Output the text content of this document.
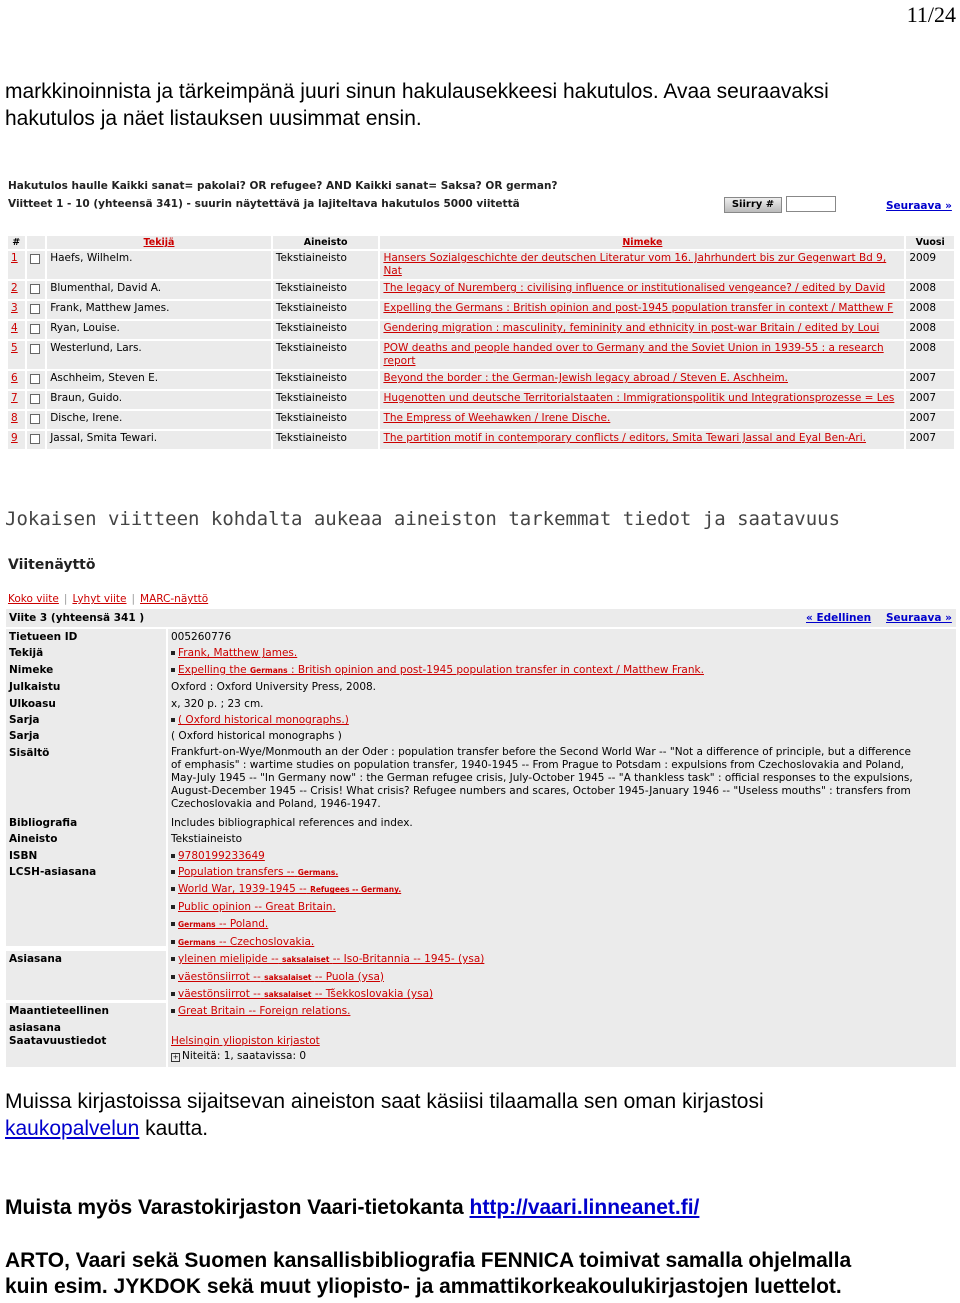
11/24
markkinoinnista ja tärkeimpänä juuri sinun hakulausekkeesi hakutulos. Avaa seuraavaksi
hakutulos ja näet listauksen uusimmat ensin.
Hakutulos haulle Kaikki sanat= pakolai? OR refugee? AND Kaikki sanat= Saksa? OR german?
Viitteet 1 - 10 (yhteensä 341) - suurin näytettävä ja lajiteltava hakutulos 5000 viitettä	Siirry #	Seuraava »
#		Tekijä	Aineisto	Nimeke	Vuosi
1		Haefs, Wilhelm.	Tekstiaineisto	Hansers Sozialgeschichte der deutschen Literatur vom 16. Jahrhundert bis zur Gegenwart Bd 9, Nat	2009
2		Blumenthal, David A.	Tekstiaineisto	The legacy of Nuremberg : civilising influence or institutionalised vengeance? / edited by David	2008
3		Frank, Matthew James.	Tekstiaineisto	Expelling the Germans : British opinion and post-1945 population transfer in context / Matthew F	2008
4		Ryan, Louise.	Tekstiaineisto	Gendering migration : masculinity, femininity and ethnicity in post-war Britain / edited by Loui	2008
5		Westerlund, Lars.	Tekstiaineisto	POW deaths and people handed over to Germany and the Soviet Union in 1939-55 : a research report	2008
6		Aschheim, Steven E.	Tekstiaineisto	Beyond the border : the German-Jewish legacy abroad / Steven E. Aschheim.	2007
7		Braun, Guido.	Tekstiaineisto	Hugenotten und deutsche Territorialstaaten : Immigrationspolitik und Integrationsprozesse = Les	2007
8		Dische, Irene.	Tekstiaineisto	The Empress of Weehawken / Irene Dische.	2007
9		Jassal, Smita Tewari.	Tekstiaineisto	The partition motif in contemporary conflicts / editors, Smita Tewari Jassal and Eyal Ben-Ari.	2007
Jokaisen viitteen kohdalta aukeaa aineiston tarkemmat tiedot ja saatavuus
Viitenäyttö
Koko viite | Lyhyt viite | MARC-näyttö
Viite 3 (yhteensä 341 )	« Edellinen Seuraava »
Tietueen ID	005260776
Tekijä	Frank, Matthew James.
Nimeke	Expelling the Germans : British opinion and post-1945 population transfer in context / Matthew Frank.
Julkaistu	Oxford : Oxford University Press, 2008.
Ulkoasu	x, 320 p. ; 23 cm.
Sarja	( Oxford historical monographs.)
Sarja	( Oxford historical monographs )
Sisältö	Frankfurt-on-Wye/Monmouth an der Oder : population transfer before the Second World War -- "Not a difference of principle, but a difference
of emphasis" : wartime studies on population transfer, 1940-1945 -- From Prague to Potsdam : expulsions from Czechoslovakia and Poland,
May-July 1945 -- "In Germany now" : the German refugee crisis, July-October 1945 -- "A thankless task" : official responses to the expulsions,
August-December 1945 -- Crisis! What crisis? Refugee numbers and scares, October 1945-January 1946 -- "Useless mouths" : transfers from
Czechoslovakia and Poland, 1946-1947.
Bibliografia	Includes bibliographical references and index.
Aineisto	Tekstiaineisto
ISBN	9780199233649
LCSH-asiasana	Population transfers -- Germans.
World War, 1939-1945 -- Refugees -- Germany.
Public opinion -- Great Britain.
Germans -- Poland.
Germans -- Czechoslovakia.
Asiasana	yleinen mielipide -- saksalaiset -- Iso-Britannia -- 1945- (ysa)
väestönsiirrot -- saksalaiset -- Puola (ysa)
väestönsiirrot -- saksalaiset -- Tšekkoslovakia (ysa)
Maantieteellinen asiasana
Great Britain -- Foreign relations.
Saatavuustiedot	Helsingin yliopiston kirjastot
+ Niteitä: 1, saatavissa: 0
Muissa kirjastoissa sijaitsevan aineiston saat käsiisi tilaamalla sen oman kirjastosi
kaukopalvelun kautta.
Muista myös Varastokirjaston Vaari-tietokanta http://vaari.linneanet.fi/
ARTO, Vaari sekä Suomen kansallisbibliografia FENNICA toimivat samalla ohjelmalla
kuin esim. JYKDOK sekä muut yliopisto- ja ammattikorkeakoulukirjastojen luettelot.
